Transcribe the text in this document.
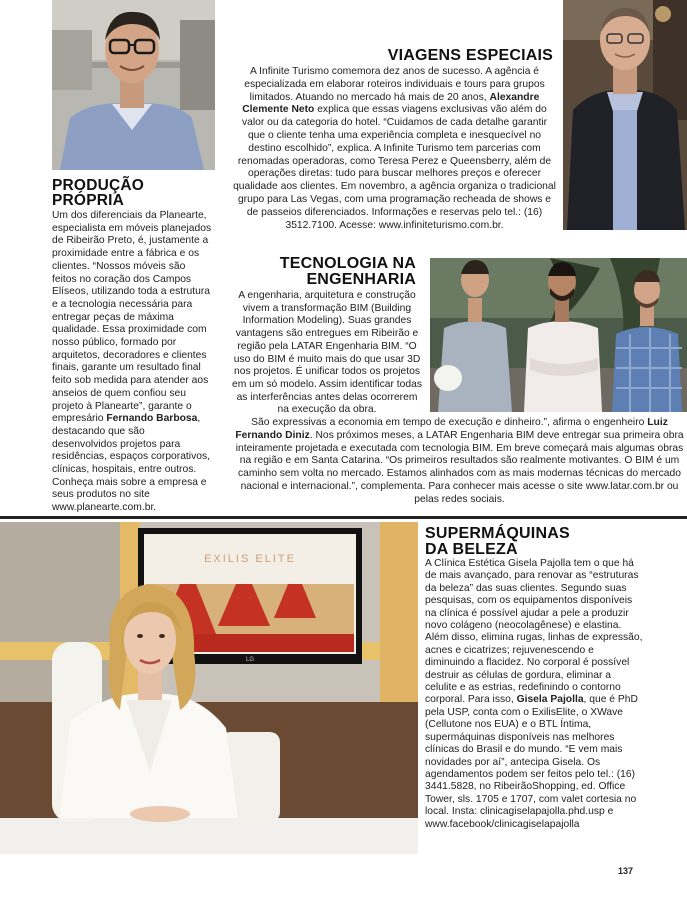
PRODUÇÃO
PRÓPRIA
Um dos diferenciais da Planearte, especialista em móveis planejados de Ribeirão Preto, é, justamente a proximidade entre a fábrica e os clientes. “Nossos móveis são feitos no coração dos Campos Elíseos, utilizando toda a estrutura e a tecnologia necessária para entregar peças de máxima qualidade. Essa proximidade com nosso público, formado por arquitetos, decoradores e clientes finais, garante um resultado final feito sob medida para atender aos anseios de quem confiou seu projeto à Planearte”, garante o empresário Fernando Barbosa, destacando que são desenvolvidos projetos para residências, espaços corporativos, clínicas, hospitais, entre outros. Conheça mais sobre a empresa e seus produtos no site www.planearte.com.br.
VIAGENS ESPECIAIS
A Infinite Turismo comemora dez anos de sucesso. A agência é especializada em elaborar roteiros individuais e tours para grupos limitados. Atuando no mercado há mais de 20 anos, Alexandre Clemente Neto explica que essas viagens exclusivas vão além do valor ou da categoria do hotel. “Cuidamos de cada detalhe garantir que o cliente tenha uma experiência completa e inesquecível no destino escolhido”, explica. A Infinite Turismo tem parcerias com renomadas operadoras, como Teresa Perez e Queensberry, além de operações diretas: tudo para buscar melhores preços e oferecer qualidade aos clientes. Em novembro, a agência organiza o tradicional grupo para Las Vegas, com uma programação recheada de shows e de passeios diferenciados. Informações e reservas pelo tel.: (16) 3512.7100. Acesse: www.infiniteturismo.com.br.
TECNOLOGIA NA
ENGENHARIA
A engenharia, arquitetura e construção vivem a transformação BIM (Building Information Modeling). Suas grandes vantagens são entregues em Ribeirão e região pela LATAR Engenharia BIM. “O uso do BIM é muito mais do que usar 3D nos projetos. É unificar todos os projetos em um só modelo. Assim identificar todas as interferências antes delas ocorrerem na execução da obra.
São expressivas a economia em tempo de execução e dinheiro.”, afirma o engenheiro Luiz Fernando Diniz. Nos próximos meses, a LATAR Engenharia BIM deve entregar sua primeira obra inteiramente projetada e executada com tecnologia BIM. Em breve começará mais algumas obras na região e em Santa Catarina. “Os primeiros resultados são realmente motivantes. O BIM é um caminho sem volta no mercado. Estamos alinhados com as mais modernas técnicas do mercado nacional e internacional.”, complementa. Para conhecer mais acesse o site www.latar.com.br ou pelas redes sociais.
EXILIS ELITE
LG
SUPERMÁQUINAS
DA BELEZA
A Clínica Estética Gisela Pajolla tem o que há de mais avançado, para renovar as “estruturas da beleza” das suas clientes. Segundo suas pesquisas, com os equipamentos disponíveis na clínica é possível ajudar a pele a produzir novo colágeno (neocolagênese) e elastina. Além disso, elimina rugas, linhas de expressão, acnes e cicatrizes; rejuvenescendo e diminuindo a flacidez. No corporal é possível destruir as células de gordura, eliminar a celulite e as estrias, redefinindo o contorno corporal. Para isso, Gisela Pajolla, que é PhD pela USP, conta com o ExilisElite, o XWave (Cellutone nos EUA) e o BTL Íntima, supermáquinas disponíveis nas melhores clínicas do Brasil e do mundo. “E vem mais novidades por aí”, antecipa Gisela. Os agendamentos podem ser feitos pelo tel.: (16) 3441.5828, no RibeirãoShopping, ed. Office Tower, sls. 1705 e 1707, com valet cortesia no local. Insta: clinicagiselapajolla.phd.usp e www.facebook/clinicagiselapajolla
137
